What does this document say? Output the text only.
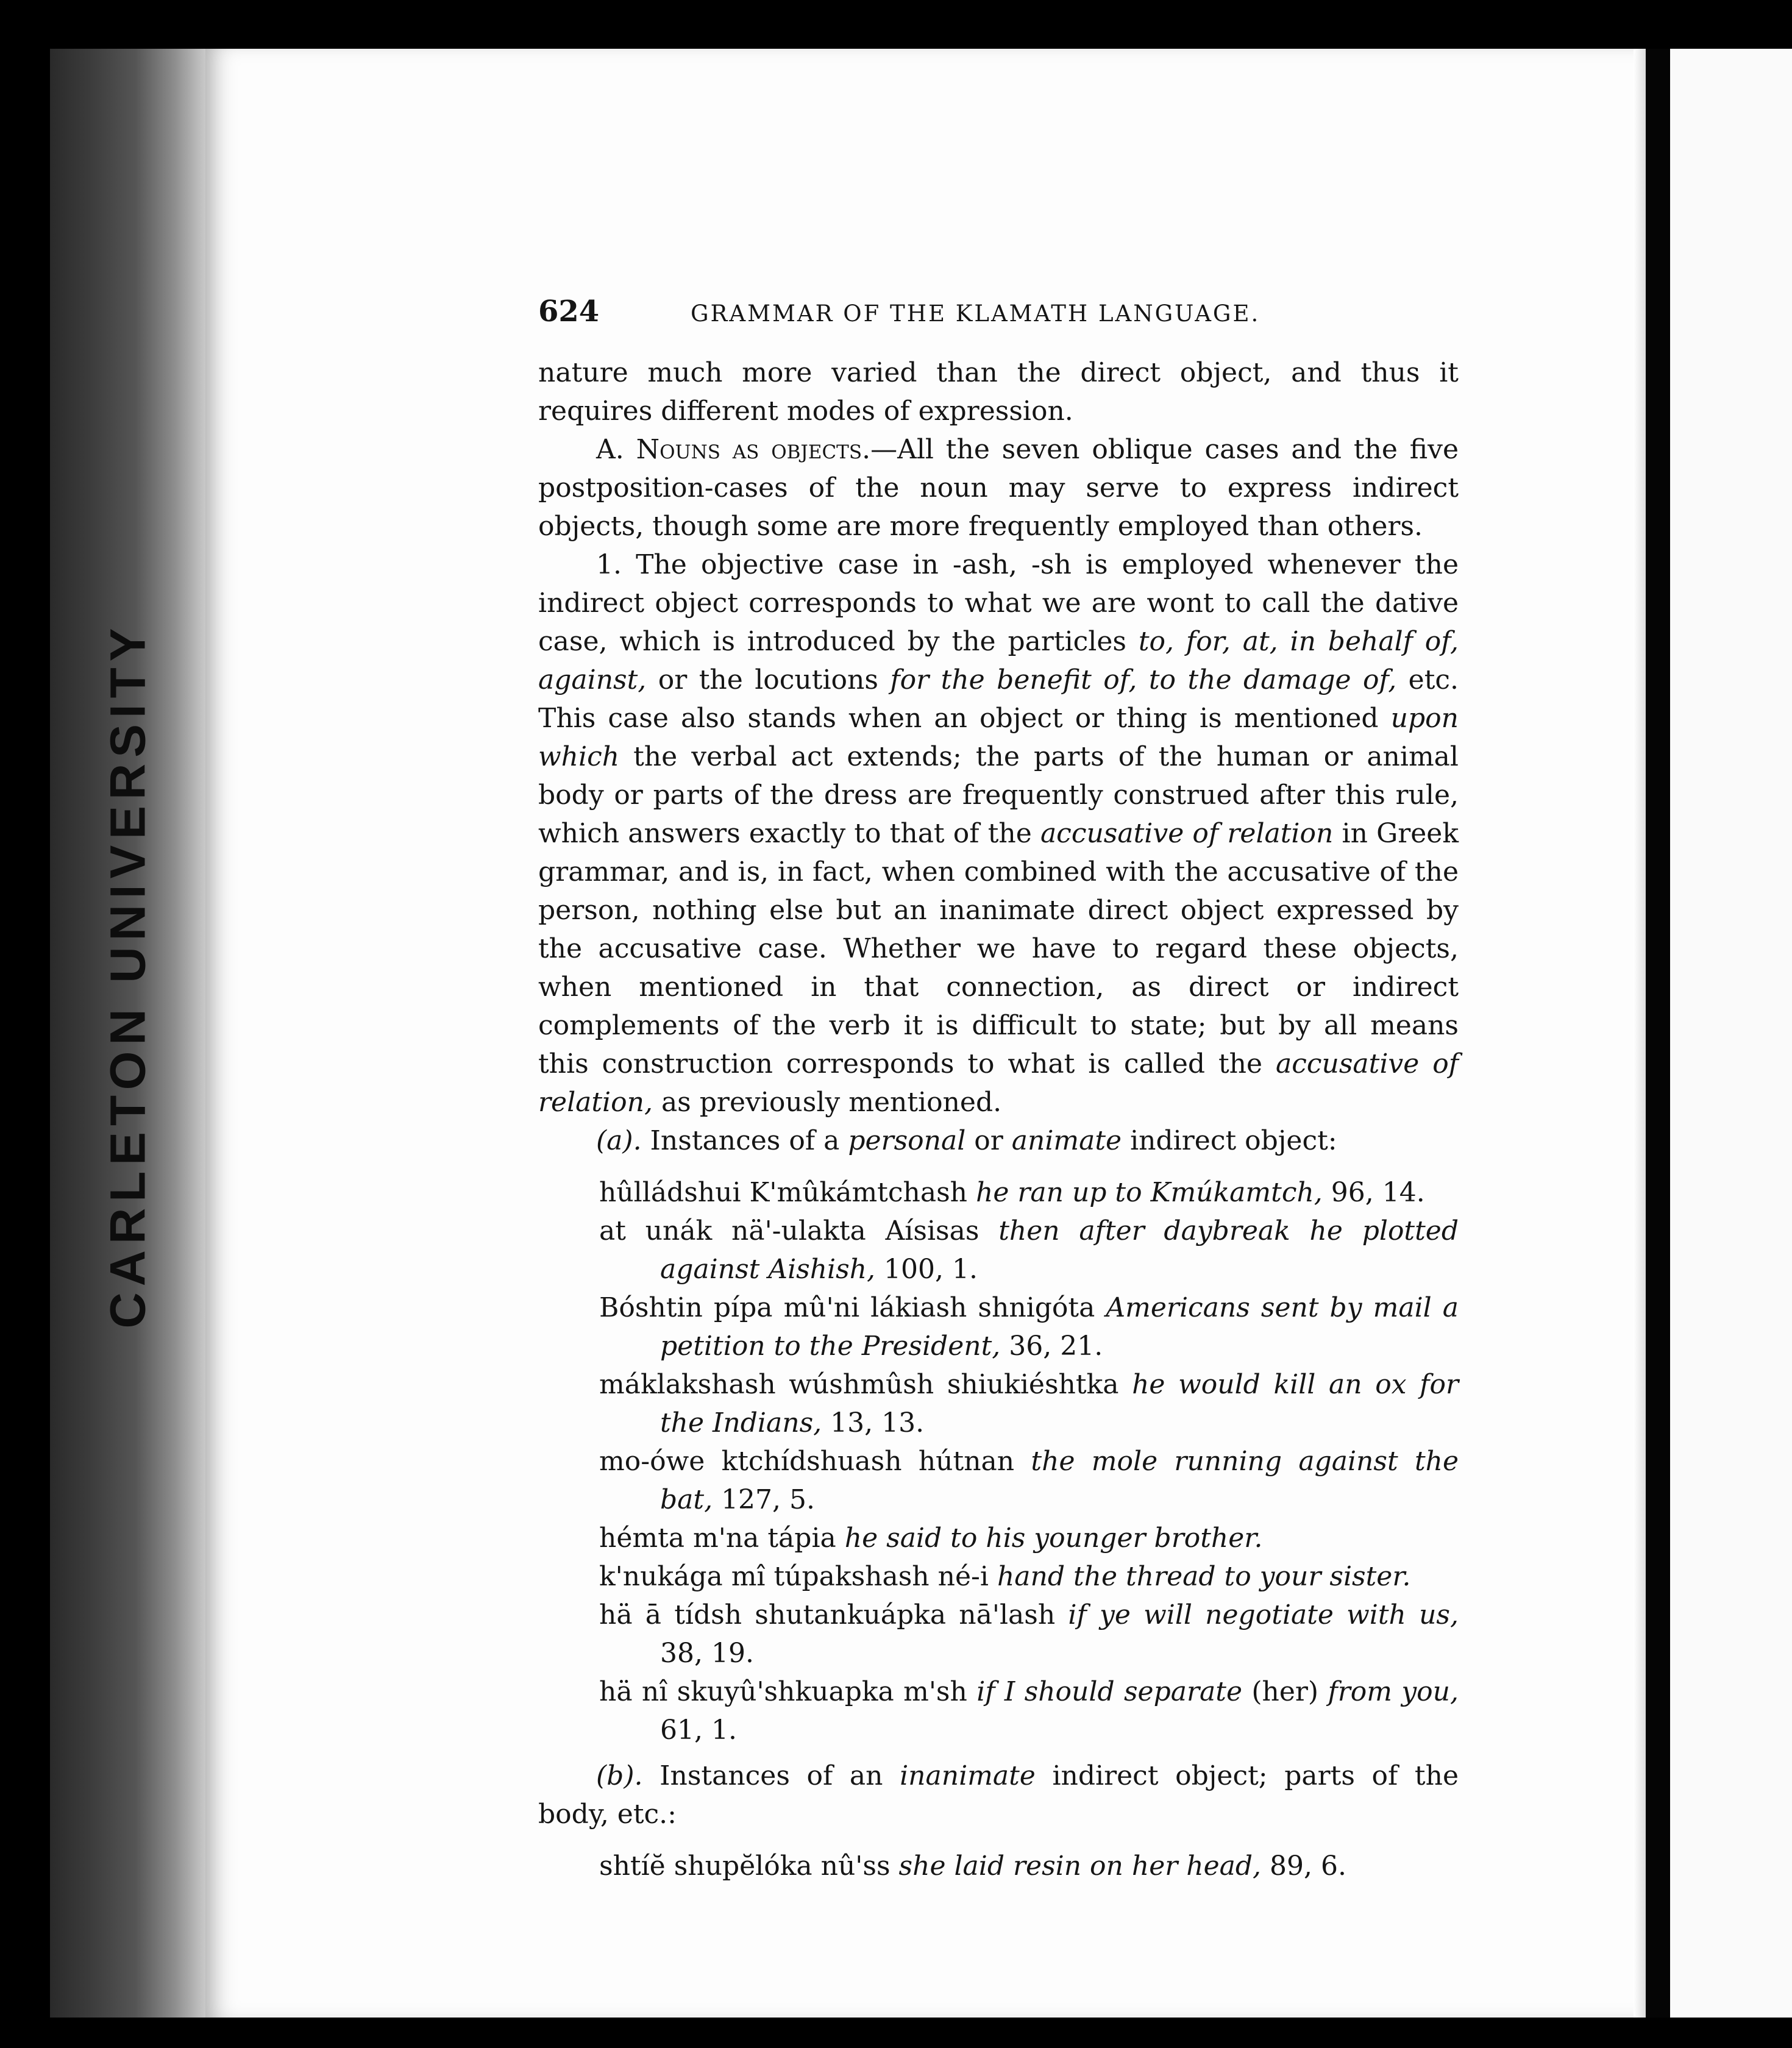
CARLETON UNIVERSITY
624	GRAMMAR OF THE KLAMATH LANGUAGE.

nature much more varied than the direct object, and thus it requires different modes of expression.

A. Nouns as objects.—All the seven oblique cases and the five postposition-cases of the noun may serve to express indirect objects, though some are more frequently employed than others.

1. The objective case in -ash, -sh is employed whenever the indirect object corresponds to what we are wont to call the dative case, which is introduced by the particles to, for, at, in behalf of, against, or the locutions for the benefit of, to the damage of, etc. This case also stands when an object or thing is mentioned upon which the verbal act extends; the parts of the human or animal body or parts of the dress are frequently construed after this rule, which answers exactly to that of the accusative of relation in Greek grammar, and is, in fact, when combined with the accusative of the person, nothing else but an inanimate direct object expressed by the accusative case. Whether we have to regard these objects, when mentioned in that connection, as direct or indirect complements of the verb it is difficult to state; but by all means this construction corresponds to what is called the accusative of relation, as previously mentioned.

(a). Instances of a personal or animate indirect object:

hûlládshui K'mûkámtchash he ran up to Kmúkamtch, 96, 14.

at unák nä'-ulakta Aísisas then after daybreak he plotted against Aishish, 100, 1.

Bóshtin pípa mû'ni lákiash shnigóta Americans sent by mail a petition to the President, 36, 21.

máklakshash wúshmûsh shiukiéshtka he would kill an ox for the Indians, 13, 13.

mo-ówe ktchídshuash hútnan the mole running against the bat, 127, 5.

hémta m'na tápia he said to his younger brother.

k'nukága mî túpakshash né-i hand the thread to your sister.

hä ā tídsh shutankuápka nā'lash if ye will negotiate with us, 38, 19.

hä nî skuyû'shkuapka m'sh if I should separate (her) from you, 61, 1.

(b). Instances of an inanimate indirect object; parts of the body, etc.:

shtíĕ shupĕlóka nû'ss she laid resin on her head, 89, 6.
